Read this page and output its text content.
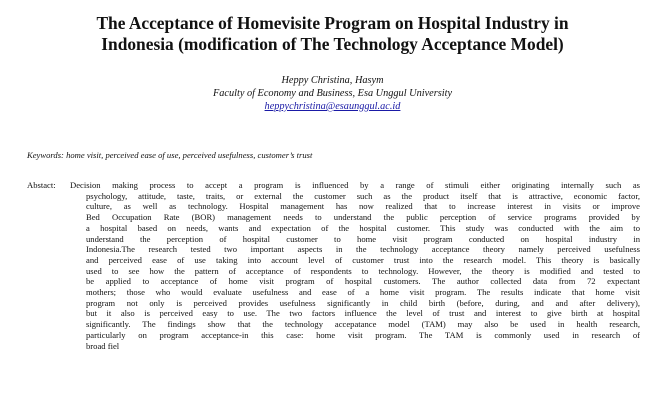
The Acceptance of Homevisite Program on Hospital Industry in
Indonesia (modification of The Technology Acceptance Model)
Heppy Christina, Hasym
Faculty of Economy and Business, Esa Unggul University
heppychristina@esaunggul.ac.id
Keywords: home visit, perceived ease of use, perceived usefulness, customer’s trust
Abstact: Decision making process to accept a program is influenced by a range of stimuli either originating internally such as
psychology, attitude, taste, traits, or external the customer such as the product itself that is attractive, economic factor,
culture, as well as technology. Hospital management has now realized that to increase interest in visits or improve
Bed Occupation Rate (BOR) management needs to understand the public perception of service programs provided by
a hospital based on needs, wants and expectation of the hospital customer. This study was conducted with the aim to
understand the perception of hospital customer to home visit program conducted on hospital industry in
Indonesia.The research tested two important aspects in the technology acceptance theory namely perceived usefulness
and perceived ease of use taking into account level of customer trust into the research model. This theory is basically
used to see how the pattern of acceptance of respondents to technology. However, the theory is modified and tested to
be applied to acceptance of home visit program of hospital customers. The author collected data from 72 expectant
mothers; those who would evaluate usefulness and ease of a home visit program. The results indicate that home visit
program not only is perceived provides usefulness significantly in child birth (before, during, and and after delivery),
but it also is perceived easy to use. The two factors influence the level of trust and interest to give birth at hospital
significantly. The findings show that the technology accepatance model (TAM) may also be used in health research,
particularly on program acceptance-in this case: home visit program. The TAM is commonly used in research of
broad fiel
